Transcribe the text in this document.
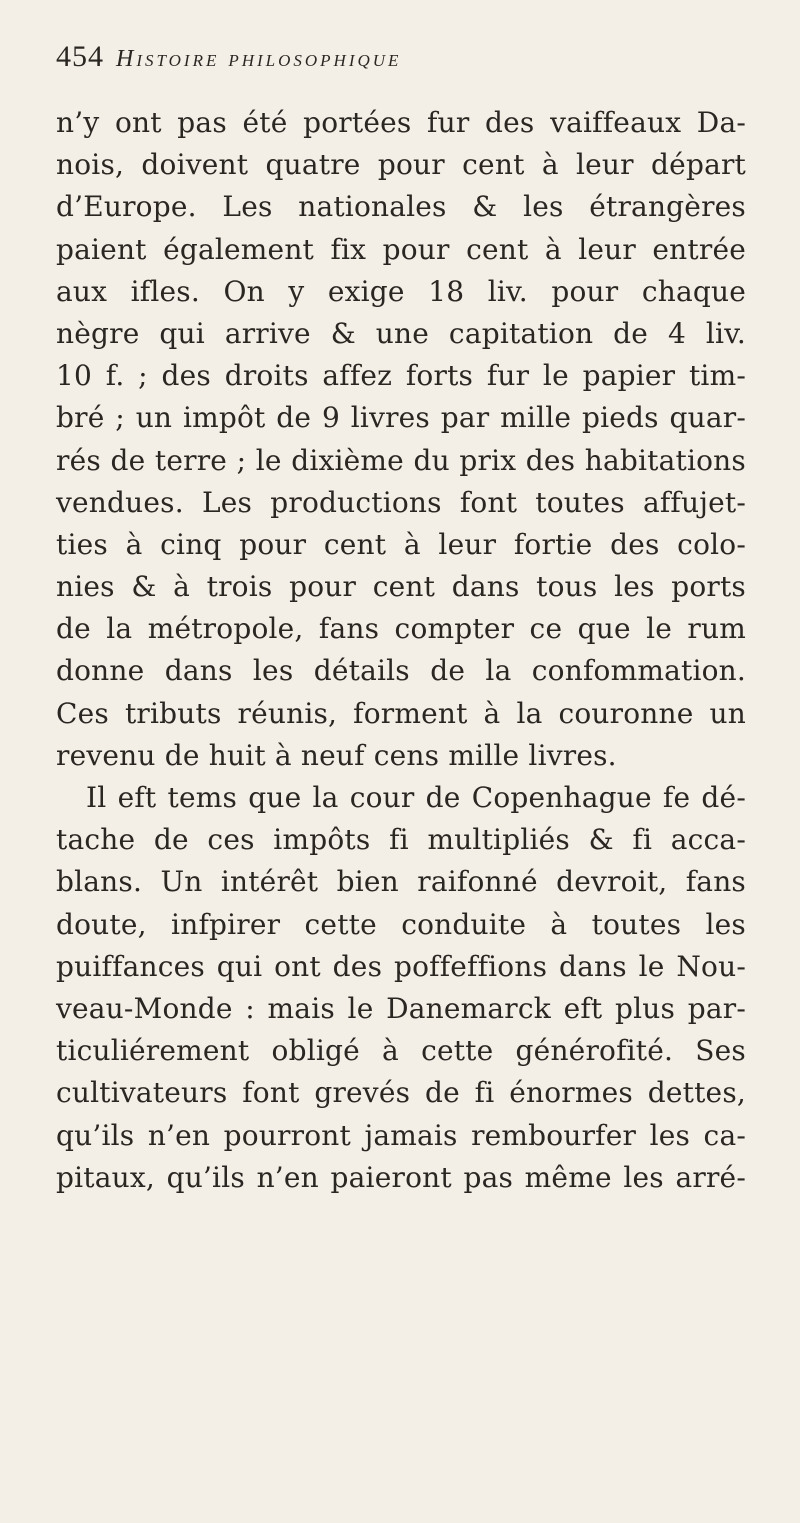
454 Histoire philosophique
n’y ont pas été portées fur des vaiffeaux Da-
nois, doivent quatre pour cent à leur départ
d’Europe. Les nationales & les étrangères
paient également fix pour cent à leur entrée
aux ifles. On y exige 18 liv. pour chaque
nègre qui arrive & une capitation de 4 liv.
10 f. ; des droits affez forts fur le papier tim-
bré ; un impôt de 9 livres par mille pieds quar-
rés de terre ; le dixième du prix des habitations
vendues. Les productions font toutes affujet-
ties à cinq pour cent à leur fortie des colo-
nies & à trois pour cent dans tous les ports
de la métropole, fans compter ce que le rum
donne dans les détails de la confommation.
Ces tributs réunis, forment à la couronne un
revenu de huit à neuf cens mille livres.
Il eft tems que la cour de Copenhague fe dé-
tache de ces impôts fi multipliés & fi acca-
blans. Un intérêt bien raifonné devroit, fans
doute, infpirer cette conduite à toutes les
puiffances qui ont des poffeffions dans le Nou-
veau-Monde : mais le Danemarck eft plus par-
ticuliérement obligé à cette générofité. Ses
cultivateurs font grevés de fi énormes dettes,
qu’ils n’en pourront jamais rembourfer les ca-
pitaux, qu’ils n’en paieront pas même les arré-
